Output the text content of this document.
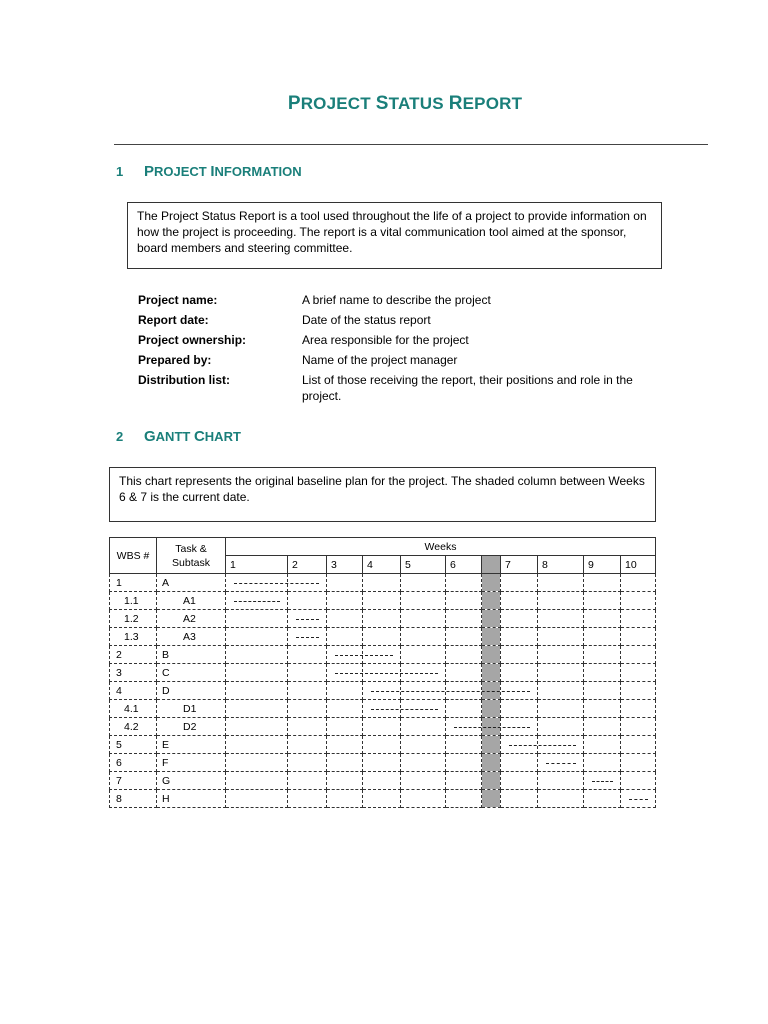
PROJECT STATUS REPORT
1 PROJECT INFORMATION
The Project Status Report is a tool used throughout the life of a project to provide information on how the project is proceeding. The report is a vital communication tool aimed at the sponsor, board members and steering committee.
Project name:	A brief name to describe the project
Report date:	Date of the status report
Project ownership:	Area responsible for the project
Prepared by:	Name of the project manager
Distribution list:	List of those receiving the report, their positions and role in the project.
2 GANTT CHART
This chart represents the original baseline plan for the project. The shaded column between Weeks 6 & 7 is the current date.
WBS #	Task & Subtask	Weeks										
		1	2	3	4	5	6		7	8	9	10
1	A											
1.1	A1											
1.2	A2											
1.3	A3											
2	B											
3	C											
4	D											
4.1	D1											
4.2	D2											
5	E											
6	F											
7	G											
8	H											
